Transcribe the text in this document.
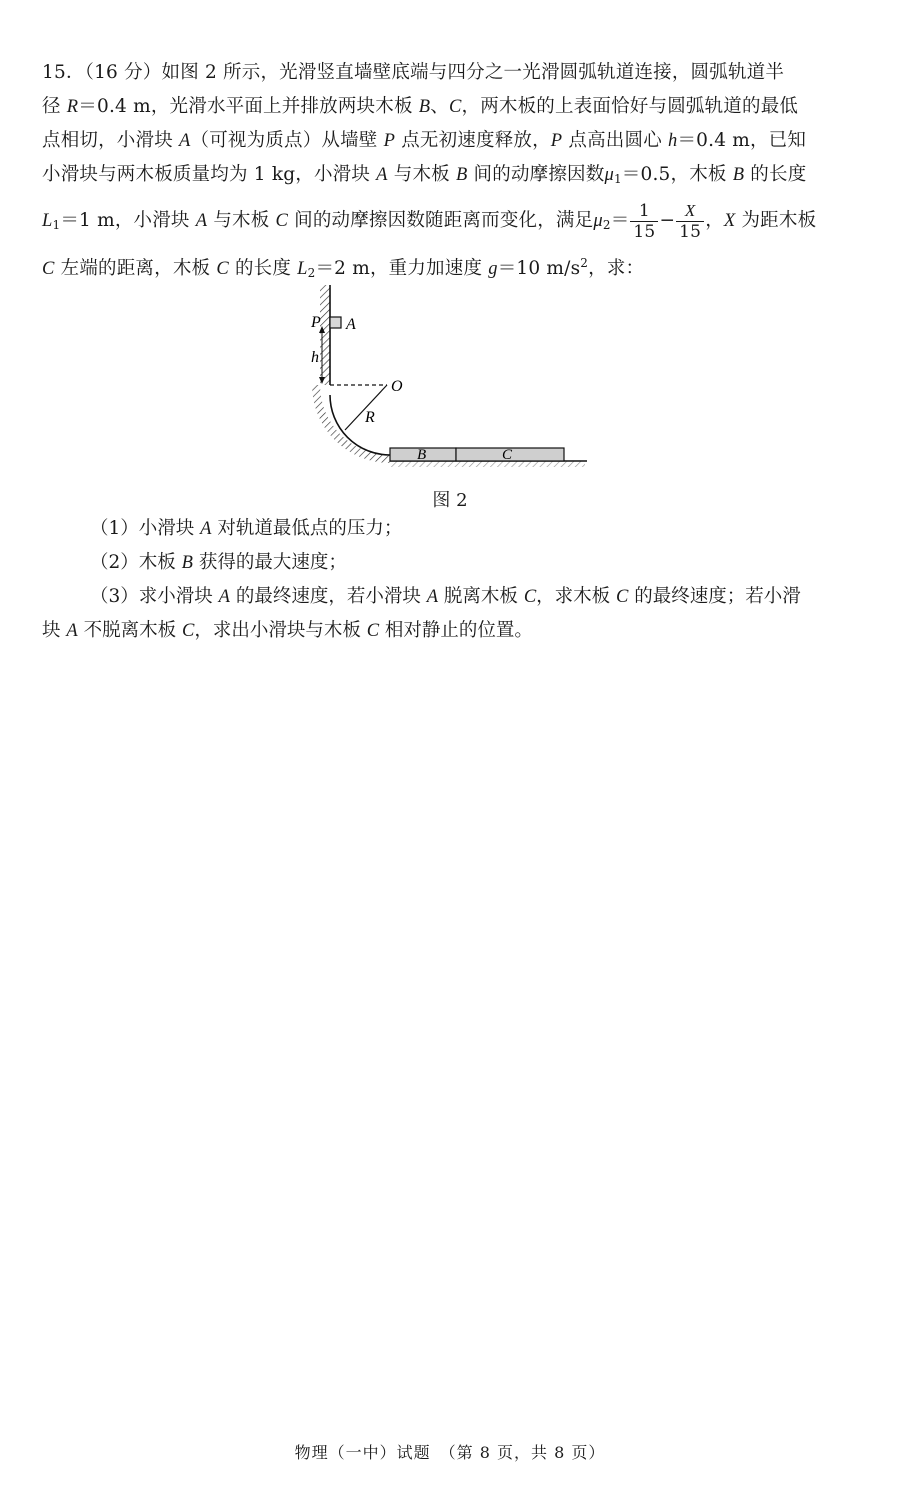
15．（16 分）如图 2 所示，光滑竖直墙壁底端与四分之一光滑圆弧轨道连接，圆弧轨道半
径 R＝0.4 m，光滑水平面上并排放两块木板 B、C，两木板的上表面恰好与圆弧轨道的最低
点相切，小滑块 A（可视为质点）从墙壁 P 点无初速度释放，P 点高出圆心 h＝0.4 m，已知
小滑块与两木板质量均为 1 kg，小滑块 A 与木板 B 间的动摩擦因数$\mu_1=0.5$，木板 B 的长度
$L_1=1$ m，小滑块 A 与木板 C 间的动摩擦因数随距离而变化，满足$\mu_2= \frac{1}{15} - \frac{X}{15}$ ，X 为距木板
C 左端的距离，木板 C 的长度 $L_2=2$ m，重力加速度 g＝10 $m/s^2$，求：

P A
h
O
R
B	C
图 2
（1）小滑块 A 对轨道最低点的压力；
（2）木板 B 获得的最大速度；
（3）求小滑块 A 的最终速度，若小滑块 A 脱离木板 C，求木板 C 的最终速度；若小滑
块 A 不脱离木板 C，求出小滑块与木板 C 相对静止的位置。
物理（一中）试题　（第 8 页，共 8 页）
